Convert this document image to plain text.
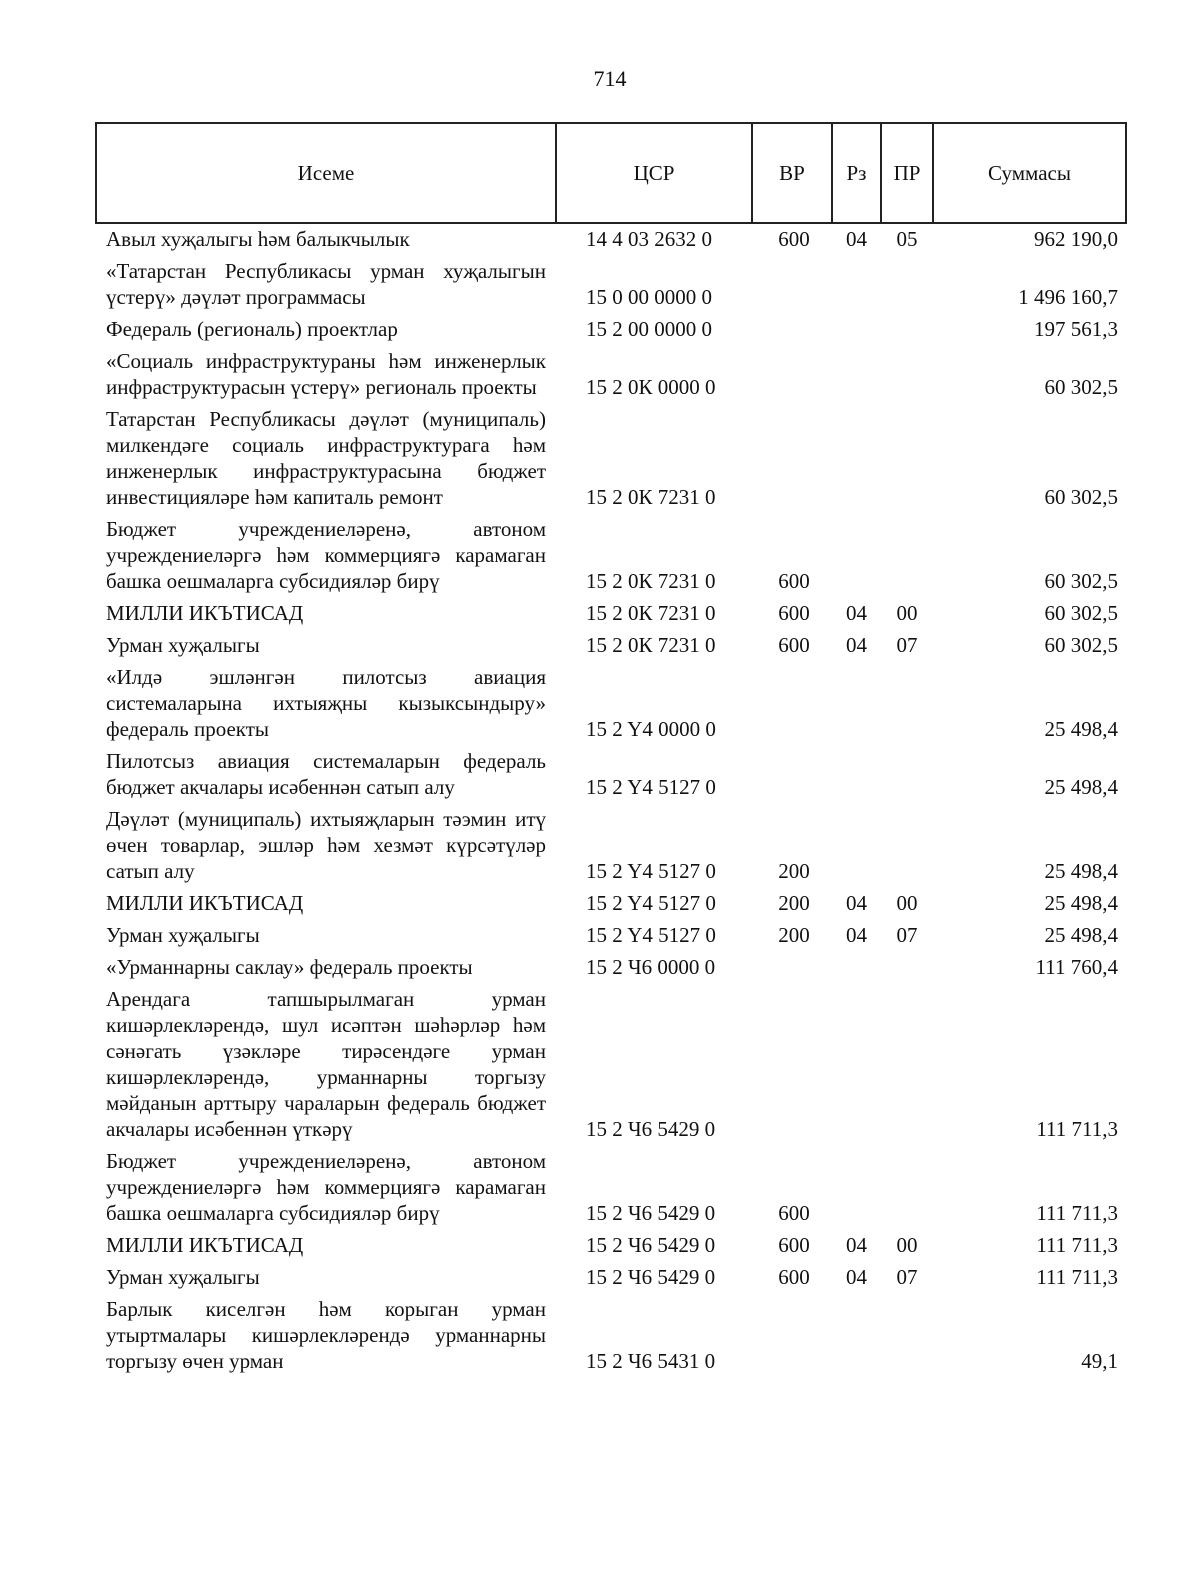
714
Исеме	ЦСР	ВР	Рз	ПР	Суммасы
Авыл хуҗалыгы һәм балыкчылык	14 4 03 2632 0	600	04	05	962 190,0
«Татарстан Республикасы урман хуҗалыгын үстерү» дәүләт программасы	15 0 00 0000 0				1 496 160,7
Федераль (региональ) проектлар	15 2 00 0000 0				197 561,3
«Социаль инфраструктураны һәм инженерлык инфраструктурасын үстерү» региональ проекты	15 2 0К 0000 0				60 302,5
Татарстан Республикасы дәүләт (муниципаль) милкендәге социаль инфраструктурага һәм инженерлык инфраструктурасына бюджет инвестицияләре һәм капиталь ремонт	15 2 0К 7231 0				60 302,5
Бюджет учреждениеләренә, автоном учреждениеләргә һәм коммерциягә карамаган башка оешмаларга субсидияләр бирү	15 2 0К 7231 0	600			60 302,5
МИЛЛИ ИКЪТИСАД	15 2 0К 7231 0	600	04	00	60 302,5
Урман хуҗалыгы	15 2 0К 7231 0	600	04	07	60 302,5
«Илдә эшләнгән пилотсыз авиация системаларына ихтыяҗны кызыксындыру» федераль проекты	15 2 Y4 0000 0				25 498,4
Пилотсыз авиация системаларын федераль бюджет акчалары исәбеннән сатып алу	15 2 Y4 5127 0				25 498,4
Дәүләт (муниципаль) ихтыяҗларын тәэмин итү өчен товарлар, эшләр һәм хезмәт күрсәтүләр сатып алу	15 2 Y4 5127 0	200			25 498,4
МИЛЛИ ИКЪТИСАД	15 2 Y4 5127 0	200	04	00	25 498,4
Урман хуҗалыгы	15 2 Y4 5127 0	200	04	07	25 498,4
«Урманнарны саклау» федераль проекты	15 2 Ч6 0000 0				111 760,4
Арендага тапшырылмаган урман кишәрлекләрендә, шул исәптән шәһәрләр һәм сәнәгать үзәкләре тирәсендәге урман кишәрлекләрендә, урманнарны торгызу мәйданын арттыру чараларын федераль бюджет акчалары исәбеннән үткәрү	15 2 Ч6 5429 0				111 711,3
Бюджет учреждениеләренә, автоном учреждениеләргә һәм коммерциягә карамаган башка оешмаларга субсидияләр бирү	15 2 Ч6 5429 0	600			111 711,3
МИЛЛИ ИКЪТИСАД	15 2 Ч6 5429 0	600	04	00	111 711,3
Урман хуҗалыгы	15 2 Ч6 5429 0	600	04	07	111 711,3
Барлык киселгән һәм корыган урман утыртмалары кишәрлекләрендә урманнарны торгызу өчен урман	15 2 Ч6 5431 0				49,1
